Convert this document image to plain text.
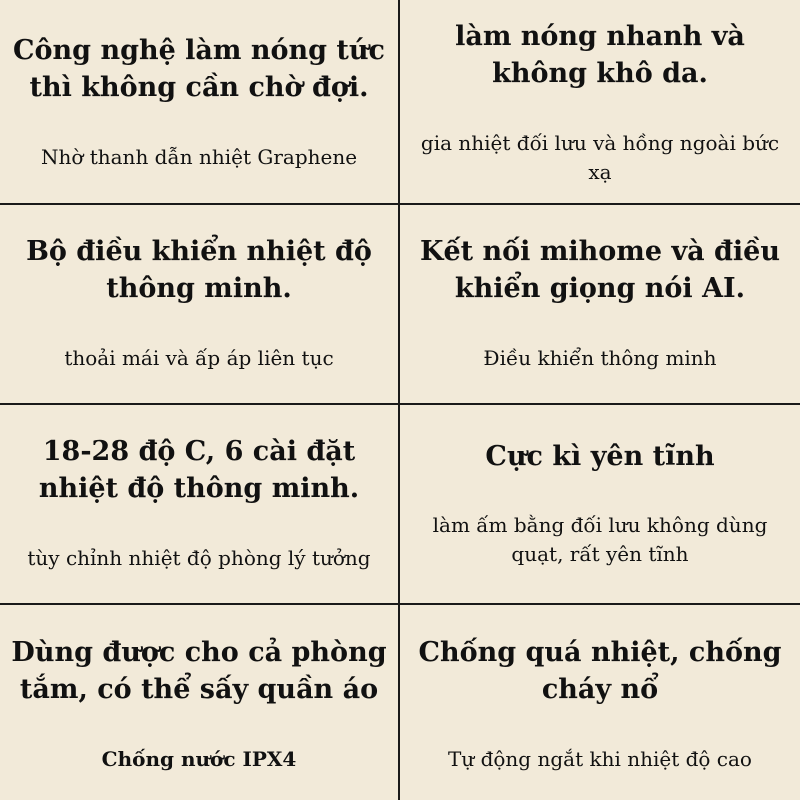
Công nghệ làm nóng tức thì không cần chờ đợi.

Nhờ thanh dẫn nhiệt Graphene

làm nóng nhanh và không khô da.

gia nhiệt đối lưu và hồng ngoài bức xạ

Bộ điều khiển nhiệt độ thông minh.

thoải mái và ấp áp liên tục

Kết nối mihome và điều khiển giọng nói AI.

Điều khiển thông minh

18-28 độ C, 6 cài đặt nhiệt độ thông minh.

tùy chỉnh nhiệt độ phòng lý tưởng

Cực kì yên tĩnh

làm ấm bằng đối lưu không dùng quạt, rất yên tĩnh

Dùng được cho cả phòng tắm, có thể sấy quần áo

Chống nước IPX4

Chống quá nhiệt, chống cháy nổ

Tự động ngắt khi nhiệt độ cao
